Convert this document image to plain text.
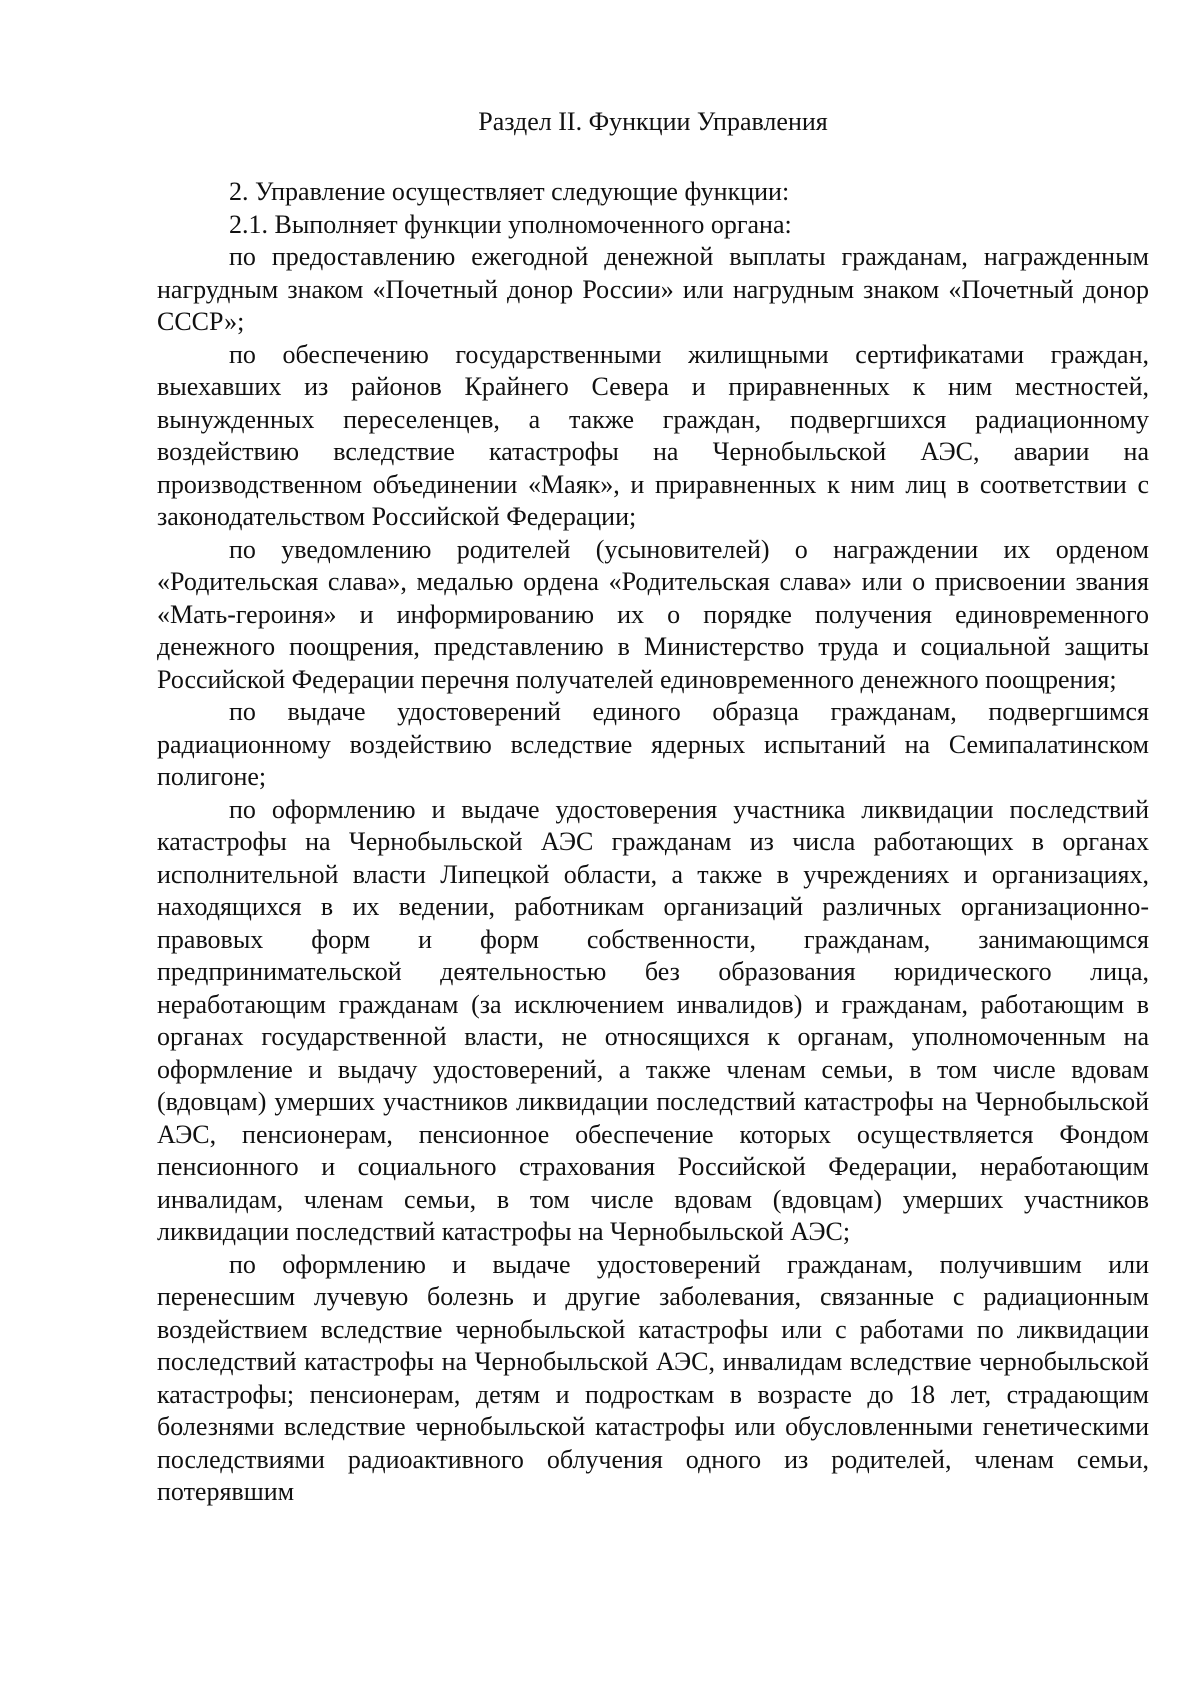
Раздел II. Функции Управления

2. Управление осуществляет следующие функции:

2.1. Выполняет функции уполномоченного органа:

по предоставлению ежегодной денежной выплаты гражданам, награжденным нагрудным знаком «Почетный донор России» или нагрудным знаком «Почетный донор СССР»;

по обеспечению государственными жилищными сертификатами граждан, выехавших из районов Крайнего Севера и приравненных к ним местностей, вынужденных переселенцев, а также граждан, подвергшихся радиационному воздействию вследствие катастрофы на Чернобыльской АЭС, аварии на производственном объединении «Маяк», и приравненных к ним лиц в соответствии с законодательством Российской Федерации;

по уведомлению родителей (усыновителей) о награждении их орденом «Родительская слава», медалью ордена «Родительская слава» или о присвоении звания «Мать-героиня» и информированию их о порядке получения единовременного денежного поощрения, представлению в Министерство труда и социальной защиты Российской Федерации перечня получателей единовременного денежного поощрения;

по выдаче удостоверений единого образца гражданам, подвергшимся радиационному воздействию вследствие ядерных испытаний на Семипалатинском полигоне;

по оформлению и выдаче удостоверения участника ликвидации последствий катастрофы на Чернобыльской АЭС гражданам из числа работающих в органах исполнительной власти Липецкой области, а также в учреждениях и организациях, находящихся в их ведении, работникам организаций различных организационно-правовых форм и форм собственности, гражданам, занимающимся предпринимательской деятельностью без образования юридического лица, неработающим гражданам (за исключением инвалидов) и гражданам, работающим в органах государственной власти, не относящихся к органам, уполномоченным на оформление и выдачу удостоверений, а также членам семьи, в том числе вдовам (вдовцам) умерших участников ликвидации последствий катастрофы на Чернобыльской АЭС, пенсионерам, пенсионное обеспечение которых осуществляется Фондом пенсионного и социального страхования Российской Федерации, неработающим инвалидам, членам семьи, в том числе вдовам (вдовцам) умерших участников ликвидации последствий катастрофы на Чернобыльской АЭС;

по оформлению и выдаче удостоверений гражданам, получившим или перенесшим лучевую болезнь и другие заболевания, связанные с радиационным воздействием вследствие чернобыльской катастрофы или с работами по ликвидации последствий катастрофы на Чернобыльской АЭС, инвалидам вследствие чернобыльской катастрофы; пенсионерам, детям и подросткам в возрасте до 18 лет, страдающим болезнями вследствие чернобыльской катастрофы или обусловленными генетическими последствиями радиоактивного облучения одного из родителей, членам семьи, потерявшим
